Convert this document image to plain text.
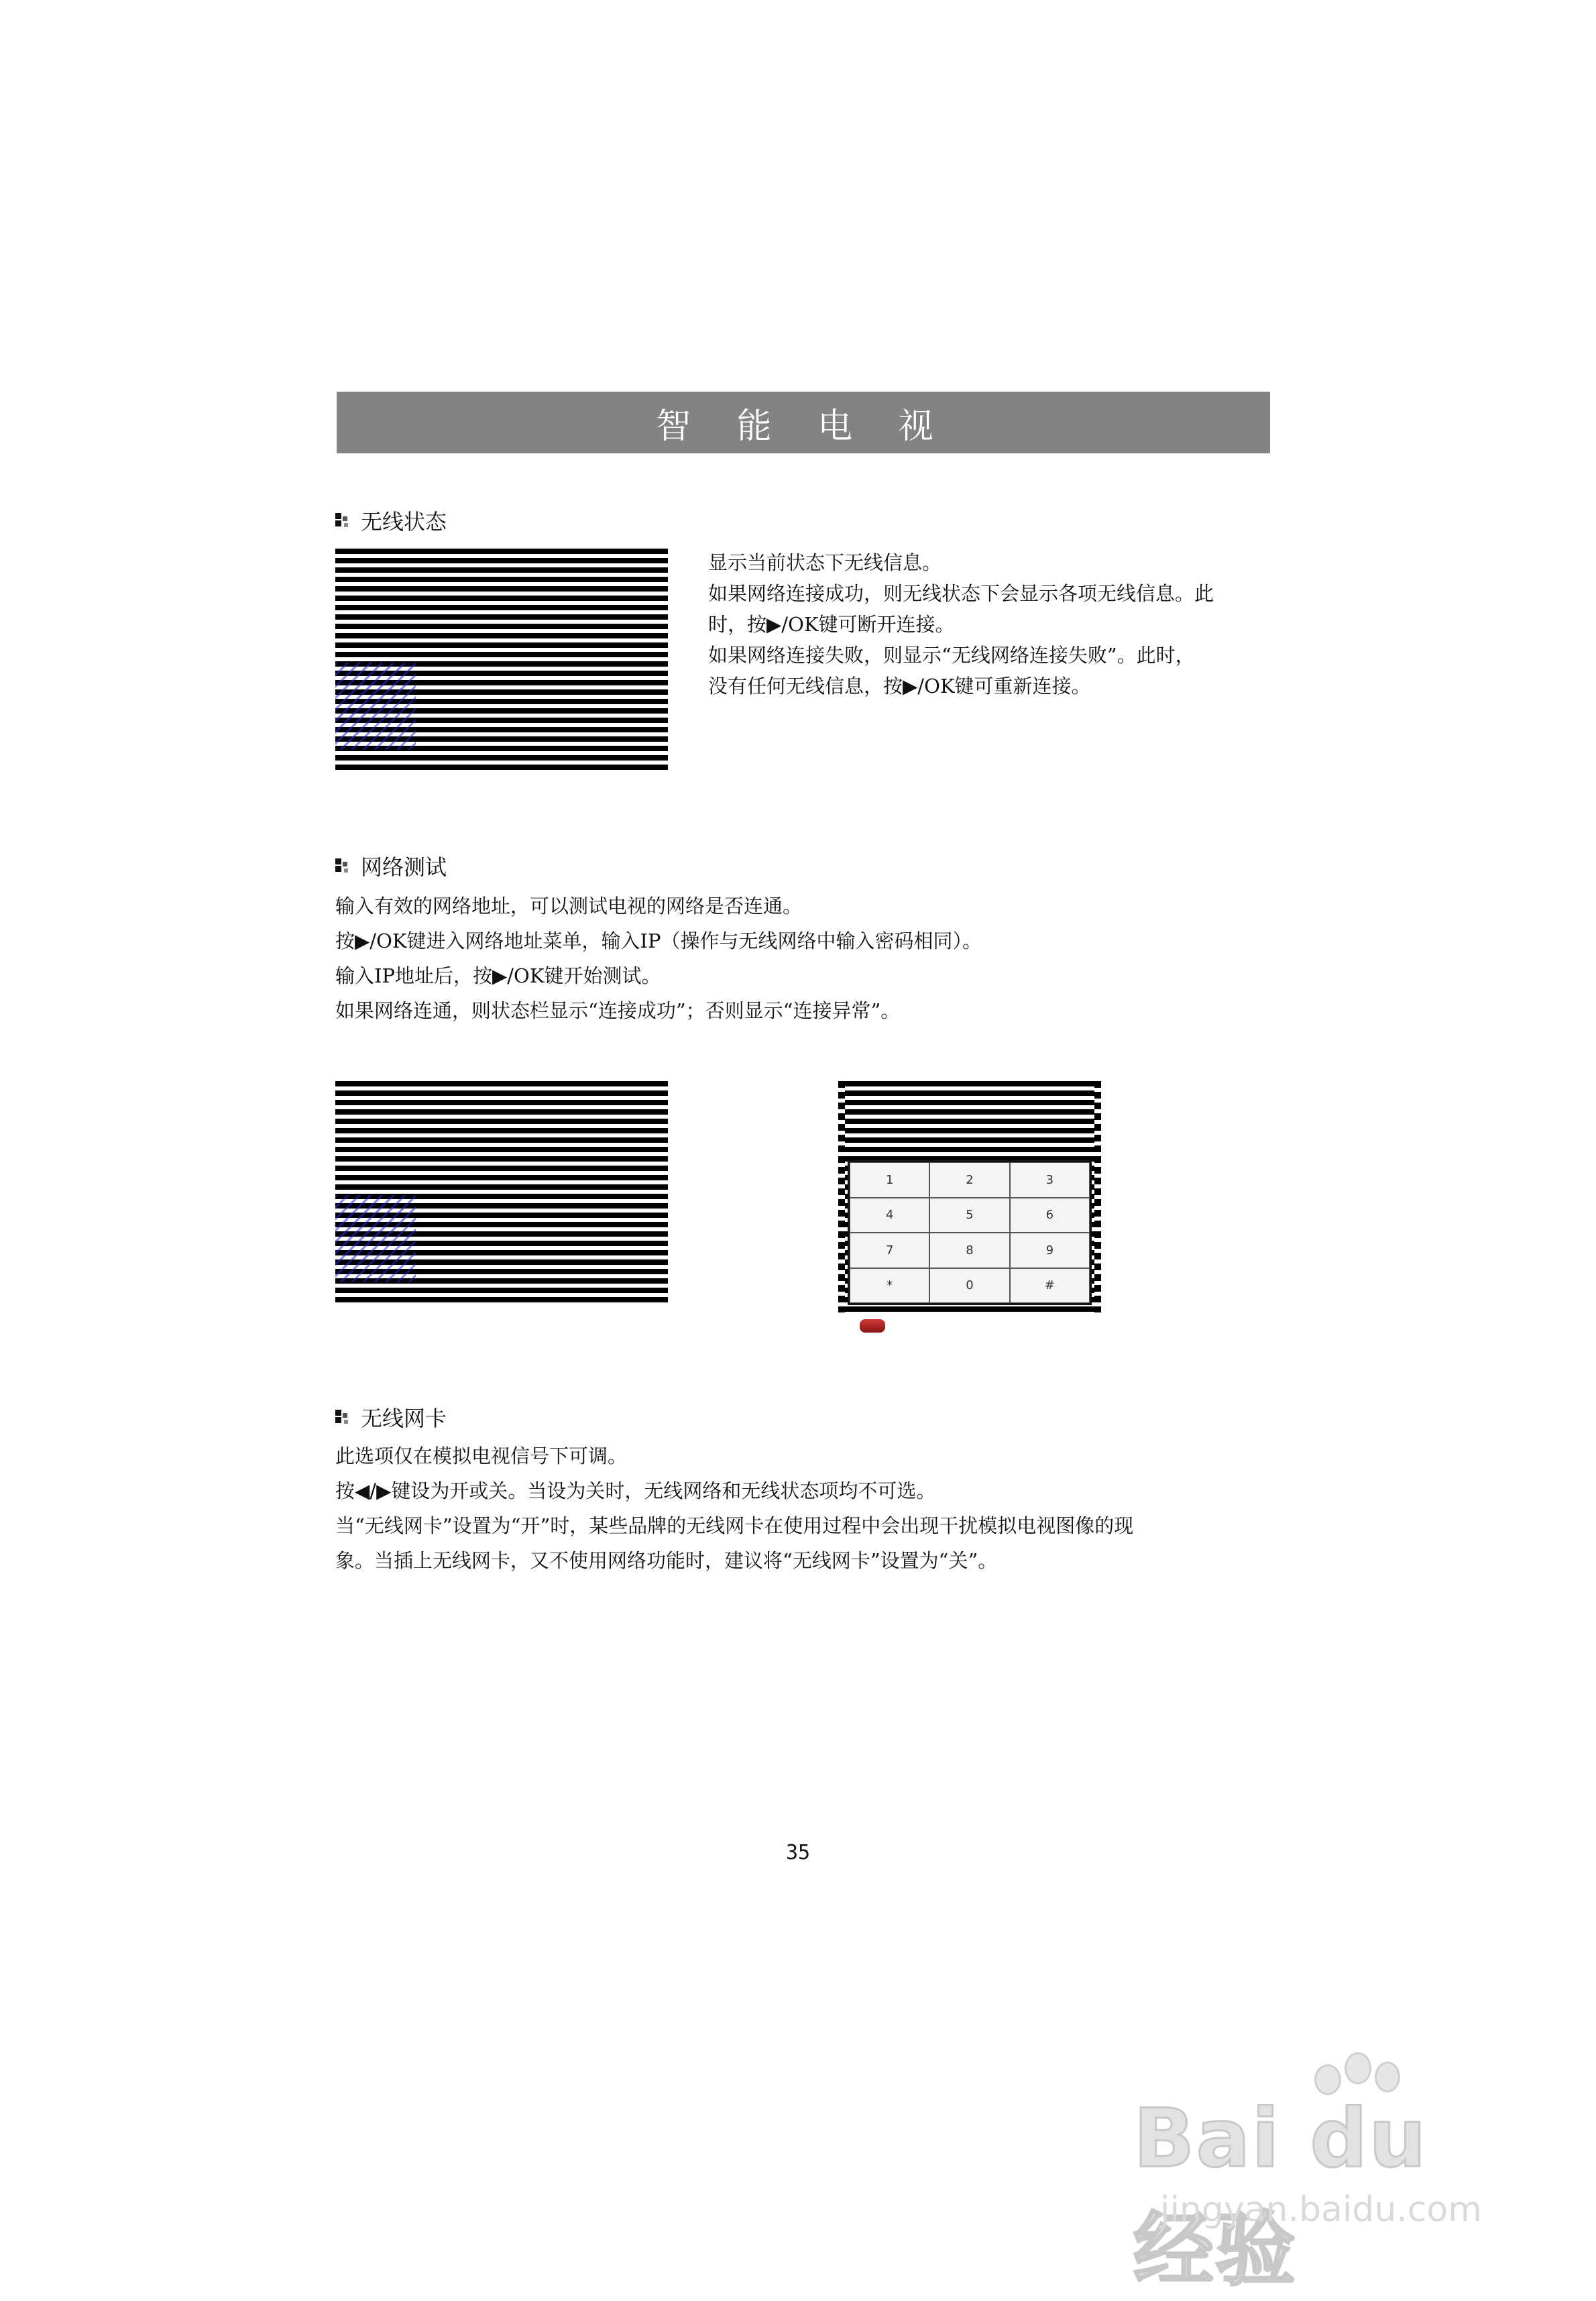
智 能 电 视
无线状态

显示当前状态下无线信息。

如果网络连接成功，则无线状态下会显示各项无线信息。此

时，按▶/OK键可断开连接。

如果网络连接失败，则显示“无线网络连接失败”。此时，

没有任何无线信息，按▶/OK键可重新连接。

网络测试

输入有效的网络地址，可以测试电视的网络是否连通。

按▶/OK键进入网络地址菜单，输入IP（操作与无线网络中输入密码相同）。

输入IP地址后，按▶/OK键开始测试。

如果网络连通，则状态栏显示“连接成功”；否则显示“连接异常”。

1	2	3
4	5	6
7	8	9
*	0	#
无线网卡

此选项仅在模拟电视信号下可调。

按◀/▶键设为开或关。当设为关时，无线网络和无线状态项均不可选。

当“无线网卡”设置为“开”时，某些品牌的无线网卡在使用过程中会出现干扰模拟电视图像的现

象。当插上无线网卡，又不使用网络功能时，建议将“无线网卡”设置为“关”。

35
Bai du 经验
jingyan.baidu.com
